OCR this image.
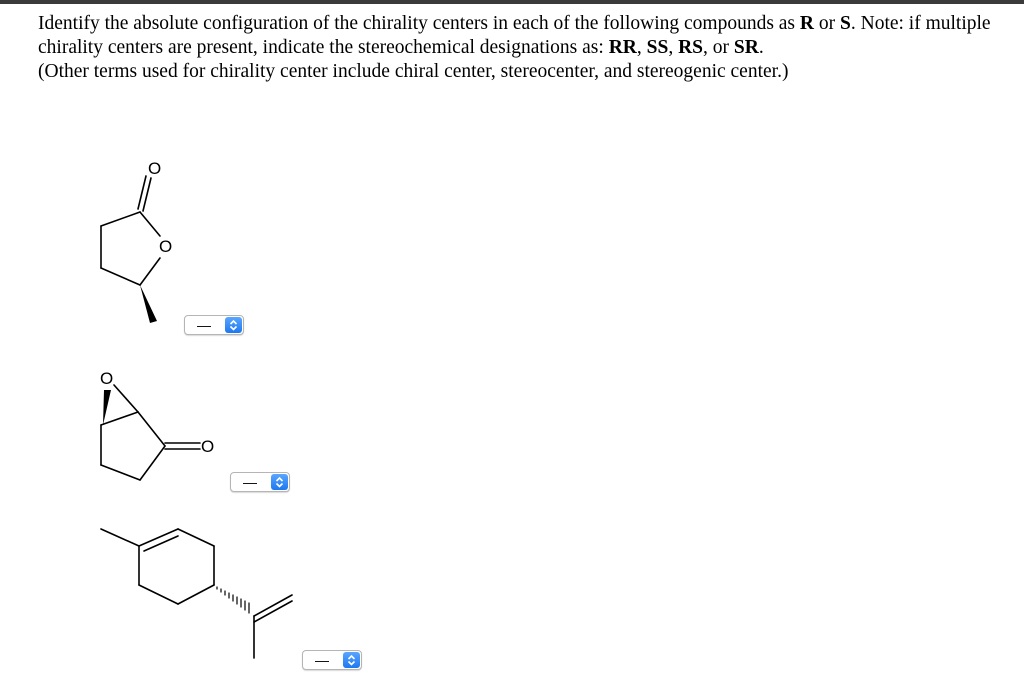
Identify the absolute configuration of the chirality centers in each of the following compounds as R or S. Note: if multiple chirality centers are present, indicate the stereochemical designations as: RR, SS, RS, or SR.

(Other terms used for chirality center include chiral center, stereocenter, and stereogenic center.)

O
O
O
O
—
—
—
